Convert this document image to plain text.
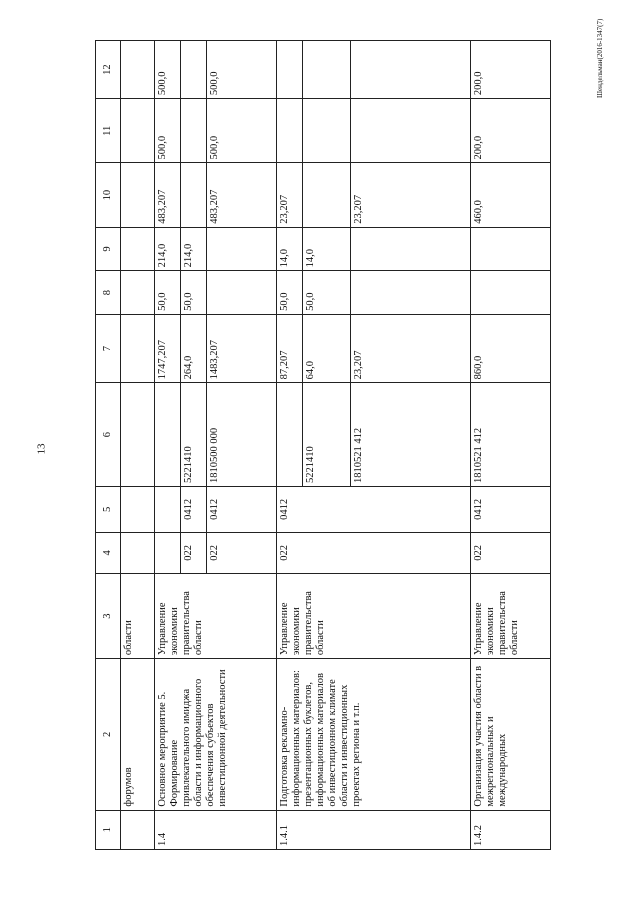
13
Шендельман(2016-1347(7)
1	2	3	4	5	6	7	8	9	10	11	12
	форумов	области									
1.4	Основное мероприятие 5. Формирование привлекательного имиджа области и информационного обеспечения субъектов инвестиционной деятельности	Управление экономики правительства области				1747,207	50,0	214,0	483,207	500,0	500,0
			022	0412	5221410	264,0	50,0	214,0			
			022	0412	1810500 000	1483,207			483,207	500,0	500,0
1.4.1	Подготовка рекламно-информационных материалов: презентационных буклетов, информационных материалов об инвестиционном климате области и инвестиционных проектах региона и т.п.	Управление экономики правительства области	022	0412		87,207	50,0	14,0	23,207		
					5221410	64,0	50,0	14,0			
					1810521 412	23,207			23,207		
1.4.2	Организация участия области в межрегиональных и международных	Управление экономики правительства области	022	0412	1810521 412	860,0			460,0	200,0	200,0
